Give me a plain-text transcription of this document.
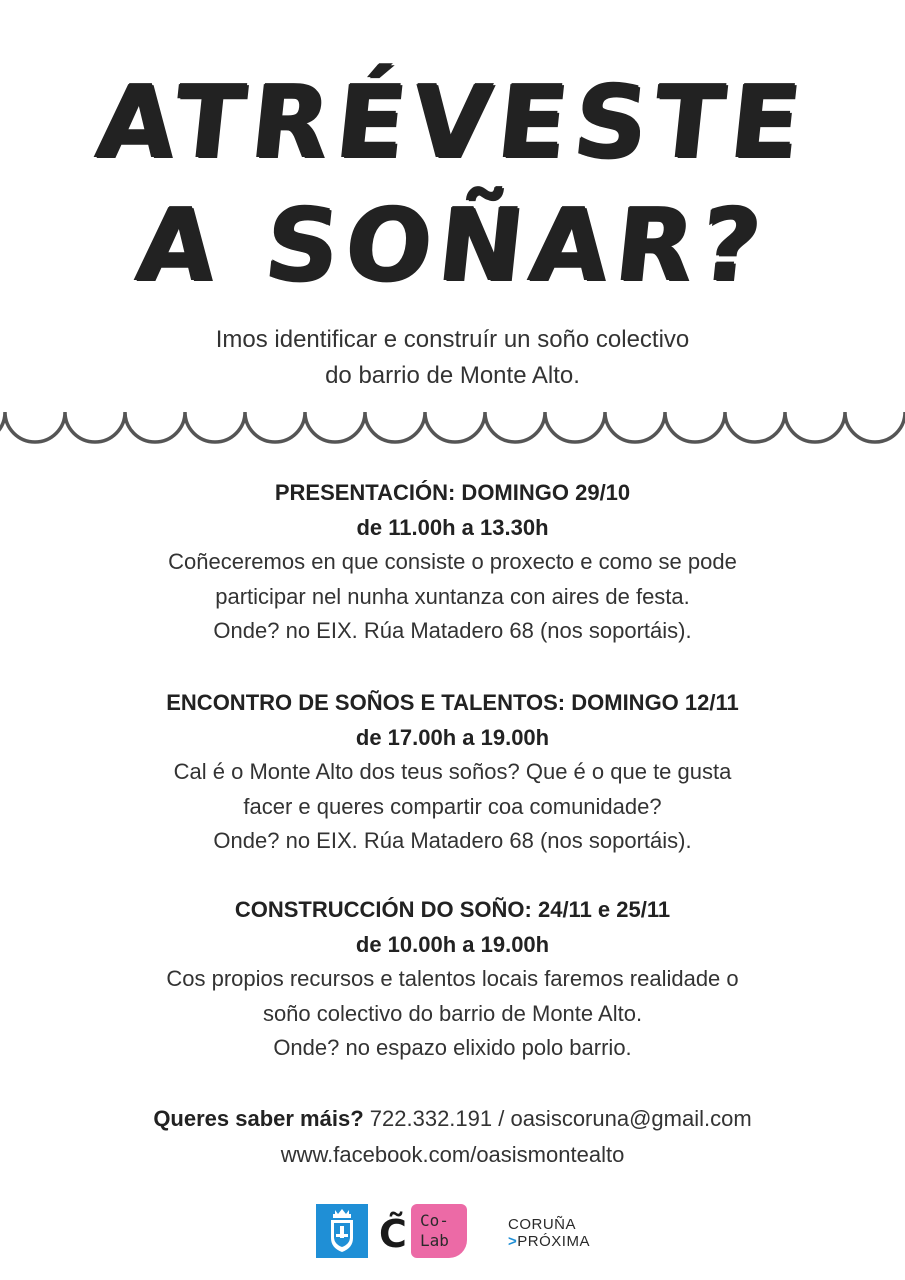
ATRÉVESTE
A SOÑAR?
Imos identificar e construír un soño colectivo
do barrio de Monte Alto.
PRESENTACIÓN: DOMINGO 29/10
de 11.00h a 13.30h
Coñeceremos en que consiste o proxecto e como se pode
participar nel nunha xuntanza con aires de festa.
Onde? no EIX. Rúa Matadero 68 (nos soportáis).
ENCONTRO DE SOÑOS E TALENTOS: DOMINGO 12/11
de 17.00h a 19.00h
Cal é o Monte Alto dos teus soños? Que é o que te gusta
facer e queres compartir coa comunidade?
Onde? no EIX. Rúa Matadero 68 (nos soportáis).
CONSTRUCCIÓN DO SOÑO: 24/11 e 25/11
de 10.00h a 19.00h
Cos propios recursos e talentos locais faremos realidade o
soño colectivo do barrio de Monte Alto.
Onde? no espazo elixido polo barrio.
Queres saber máis? 722.332.191 / oasiscoruna@gmail.com
www.facebook.com/oasismontealto
C̃ Co-
Lab
CORUÑA
>PRÓXIMA
